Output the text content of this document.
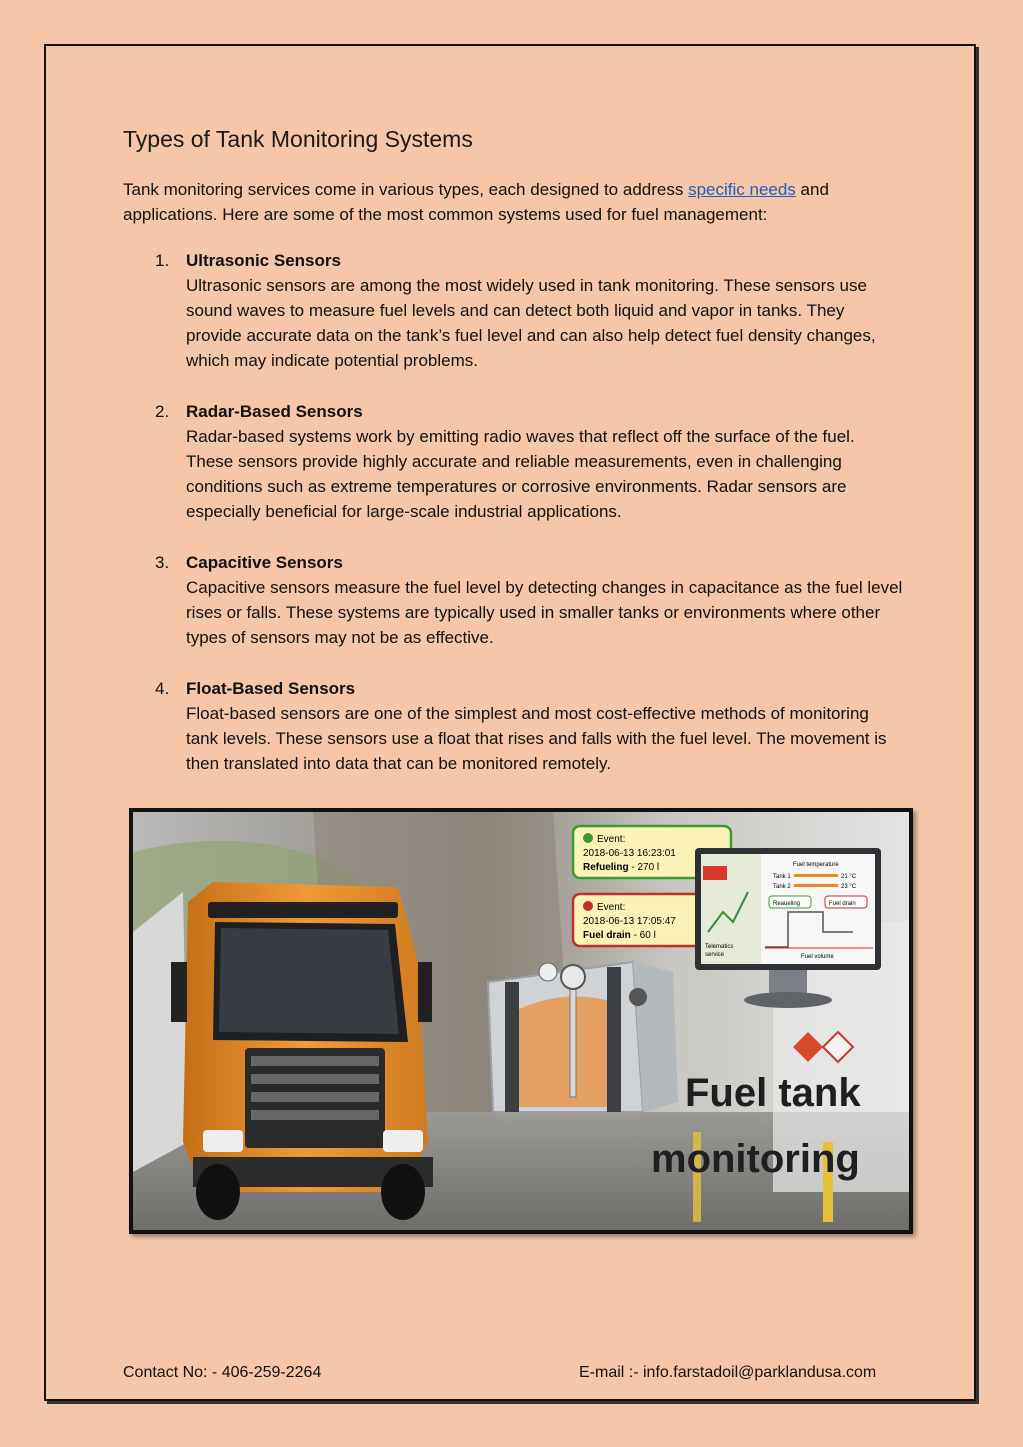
Types of Tank Monitoring Systems

Tank monitoring services come in various types, each designed to address specific needs and applications. Here are some of the most common systems used for fuel management:

1. Ultrasonic Sensors
Ultrasonic sensors are among the most widely used in tank monitoring. These sensors use sound waves to measure fuel levels and can detect both liquid and vapor in tanks. They provide accurate data on the tank’s fuel level and can also help detect fuel density changes, which may indicate potential problems.
2. Radar-Based Sensors
Radar-based systems work by emitting radio waves that reflect off the surface of the fuel. These sensors provide highly accurate and reliable measurements, even in challenging conditions such as extreme temperatures or corrosive environments. Radar sensors are especially beneficial for large-scale industrial applications.
3. Capacitive Sensors
Capacitive sensors measure the fuel level by detecting changes in capacitance as the fuel level rises or falls. These systems are typically used in smaller tanks or environments where other types of sensors may not be as effective.
4. Float-Based Sensors
Float-based sensors are one of the simplest and most cost-effective methods of monitoring tank levels. These sensors use a float that rises and falls with the fuel level. The movement is then translated into data that can be monitored remotely.
Event:
2018-06-13 16:23:01
Refueling - 270 l
Event:
2018-06-13 17:05:47
Fuel drain - 60 l
Fuel temperature
Tank 1	21 °C
Tank 2	23 °C
Reaueling	Fuel drain
Telematics
service	Fuel volume
Fuel tank
monitoring
Contact No: - 406-259-2264	E-mail :- info.farstadoil@parklandusa.com
